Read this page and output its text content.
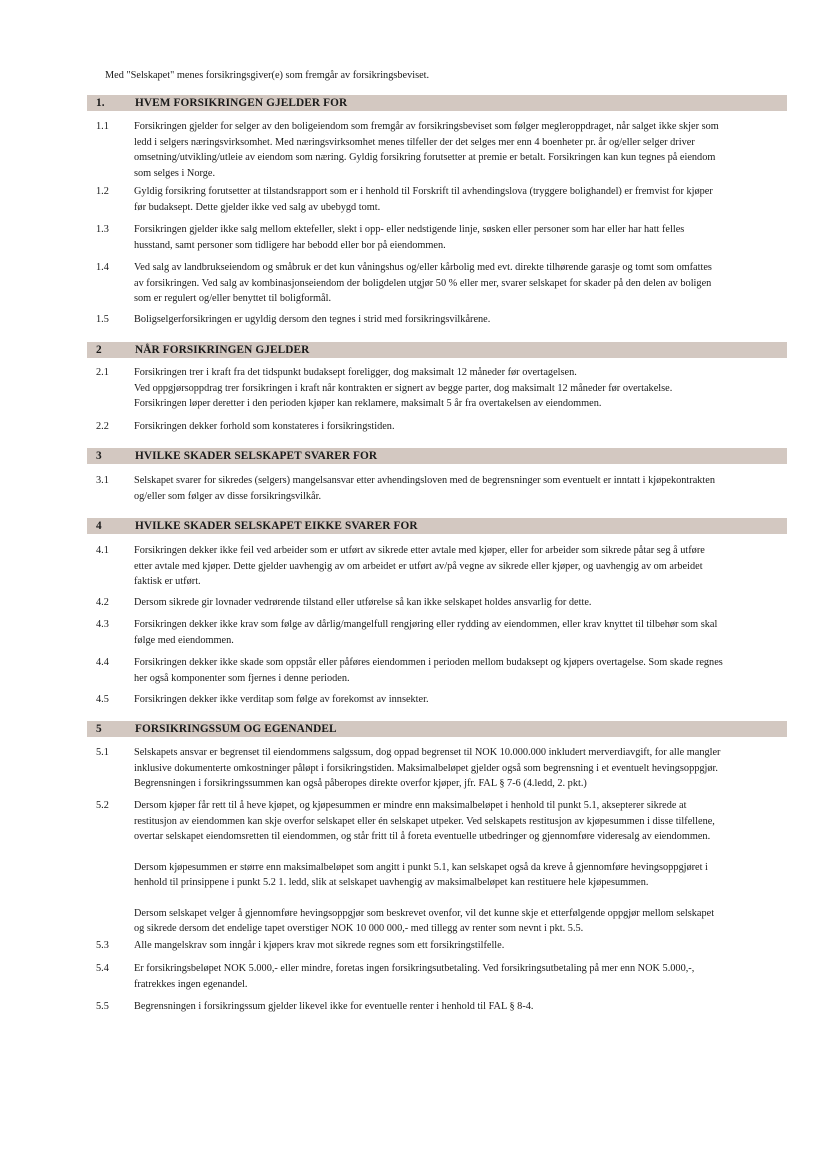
Med "Selskapet" menes forsikringsgiver(e) som fremgår av forsikringsbeviset.
1.	HVEM FORSIKRINGEN GJELDER FOR
1.1 Forsikringen gjelder for selger av den boligeiendom som fremgår av forsikringsbeviset som følger megleroppdraget, når salget ikke skjer som
ledd i selgers næringsvirksomhet. Med næringsvirksomhet menes tilfeller der det selges mer enn 4 boenheter pr. år og/eller selger driver
omsetning/utvikling/utleie av eiendom som næring. Gyldig forsikring forutsetter at premie er betalt. Forsikringen kan kun tegnes på eiendom
som selges i Norge.
1.2 Gyldig forsikring forutsetter at tilstandsrapport som er i henhold til Forskrift til avhendingslova (tryggere bolighandel) er fremvist for kjøper
før budaksept. Dette gjelder ikke ved salg av ubebygd tomt.
1.3 Forsikringen gjelder ikke salg mellom ektefeller, slekt i opp- eller nedstigende linje, søsken eller personer som har eller har hatt felles
husstand, samt personer som tidligere har bebodd eller bor på eiendommen.
1.4 Ved salg av landbrukseiendom og småbruk er det kun våningshus og/eller kårbolig med evt. direkte tilhørende garasje og tomt som omfattes
av forsikringen. Ved salg av kombinasjonseiendom der boligdelen utgjør 50 % eller mer, svarer selskapet for skader på den delen av boligen
som er regulert og/eller benyttet til boligformål.
1.5 Boligselgerforsikringen er ugyldig dersom den tegnes i strid med forsikringsvilkårene.
2	NÅR FORSIKRINGEN GJELDER
2.1 Forsikringen trer i kraft fra det tidspunkt budaksept foreligger, dog maksimalt 12 måneder før overtagelsen.
Ved oppgjørsoppdrag trer forsikringen i kraft når kontrakten er signert av begge parter, dog maksimalt 12 måneder før overtakelse.
Forsikringen løper deretter i den perioden kjøper kan reklamere, maksimalt 5 år fra overtakelsen av eiendommen.
2.2 Forsikringen dekker forhold som konstateres i forsikringstiden.
3	HVILKE SKADER SELSKAPET SVARER FOR
3.1 Selskapet svarer for sikredes (selgers) mangelsansvar etter avhendingsloven med de begrensninger som eventuelt er inntatt i kjøpekontrakten
og/eller som følger av disse forsikringsvilkår.
4	HVILKE SKADER SELSKAPET EIKKE SVARER FOR
4.1 Forsikringen dekker ikke feil ved arbeider som er utført av sikrede etter avtale med kjøper, eller for arbeider som sikrede påtar seg å utføre
etter avtale med kjøper. Dette gjelder uavhengig av om arbeidet er utført av/på vegne av sikrede eller kjøper, og uavhengig av om arbeidet
faktisk er utført.
4.2 Dersom sikrede gir lovnader vedrørende tilstand eller utførelse så kan ikke selskapet holdes ansvarlig for dette.
4.3 Forsikringen dekker ikke krav som følge av dårlig/mangelfull rengjøring eller rydding av eiendommen, eller krav knyttet til tilbehør som skal
følge med eiendommen.
4.4 Forsikringen dekker ikke skade som oppstår eller påføres eiendommen i perioden mellom budaksept og kjøpers overtagelse. Som skade regnes
her også komponenter som fjernes i denne perioden.
4.5 Forsikringen dekker ikke verditap som følge av forekomst av innsekter.
5	FORSIKRINGSSUM OG EGENANDEL
5.1 Selskapets ansvar er begrenset til eiendommens salgssum, dog oppad begrenset til NOK 10.000.000 inkludert merverdiavgift, for alle mangler
inklusive dokumenterte omkostninger påløpt i forsikringstiden. Maksimalbeløpet gjelder også som begrensning i et eventuelt hevingsoppgjør.
Begrensningen i forsikringssummen kan også påberopes direkte overfor kjøper, jfr. FAL § 7-6 (4.ledd, 2. pkt.)
5.2 Dersom kjøper får rett til å heve kjøpet, og kjøpesummen er mindre enn maksimalbeløpet i henhold til punkt 5.1, aksepterer sikrede at
restitusjon av eiendommen kan skje overfor selskapet eller én selskapet utpeker. Ved selskapets restitusjon av kjøpesummen i disse tilfellene,
overtar selskapet eiendomsretten til eiendommen, og står fritt til å foreta eventuelle utbedringer og gjennomføre videresalg av eiendommen.
Dersom kjøpesummen er større enn maksimalbeløpet som angitt i punkt 5.1, kan selskapet også da kreve å gjennomføre hevingsoppgjøret i
henhold til prinsippene i punkt 5.2 1. ledd, slik at selskapet uavhengig av maksimalbeløpet kan restituere hele kjøpesummen.
Dersom selskapet velger å gjennomføre hevingsoppgjør som beskrevet ovenfor, vil det kunne skje et etterfølgende oppgjør mellom selskapet
og sikrede dersom det endelige tapet overstiger NOK 10 000 000,- med tillegg av renter som nevnt i pkt. 5.5.
5.3 Alle mangelskrav som inngår i kjøpers krav mot sikrede regnes som ett forsikringstilfelle.
5.4 Er forsikringsbeløpet NOK 5.000,- eller mindre, foretas ingen forsikringsutbetaling. Ved forsikringsutbetaling på mer enn NOK 5.000,-,
fratrekkes ingen egenandel.
5.5 Begrensningen i forsikringssum gjelder likevel ikke for eventuelle renter i henhold til FAL § 8-4.
